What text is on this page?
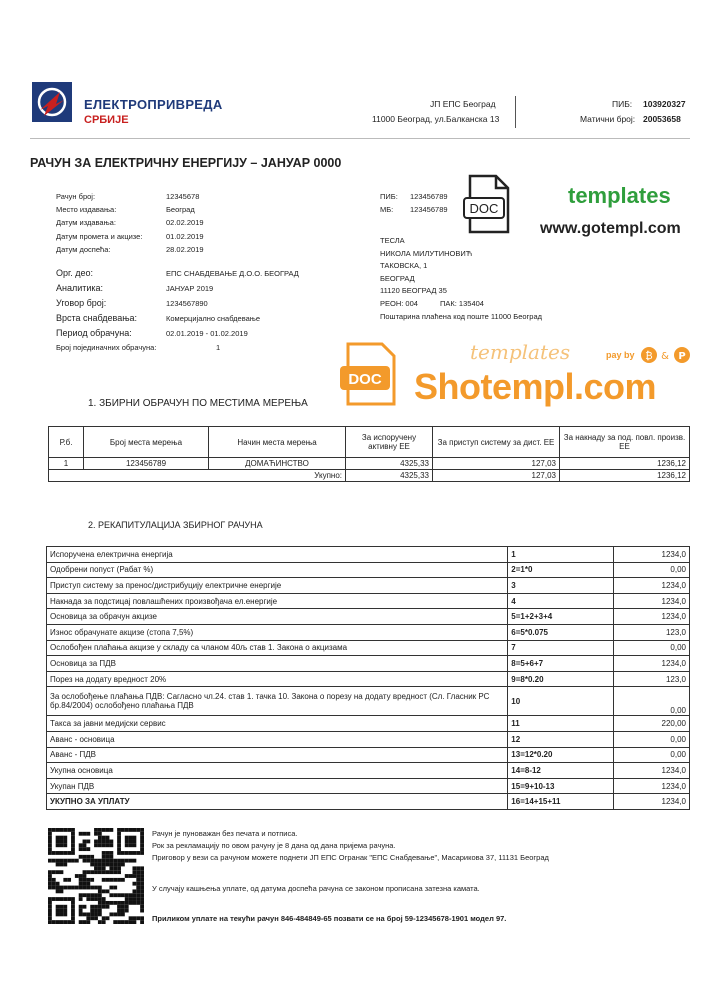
ЕЛЕКТРОПРИВРЕДА
СРБИЈЕ
ЈП ЕПС Београд
11000 Београд, ул.Балканска 13
ПИБ: 103920327
Матични број: 20053658
РАЧУН ЗА ЕЛЕКТРИЧНУ ЕНЕРГИЈУ – ЈАНУАР 0000
Рачун број:	12345678
Место издавања:	Београд
Датум издавања:	02.02.2019
Датум промета и акцизе:	01.02.2019
Датум доспећа:	28.02.2019
Орг. део:	ЕПС СНАБДЕВАЊЕ Д.О.О. БЕОГРАД
Аналитика:	ЈАНУАР 2019
Уговор број:	1234567890
Врста снабдевања:	Комерцијално снабдевање
Период обрачуна:	02.01.2019 - 01.02.2019
Број појединачних обрачуна:	1
ПИБ: 123456789
МБ: 123456789
ТЕСЛА
НИКОЛА МИЛУТИНОВИЋ
ТАКОВСКА, 1
БЕОГРАД
11120 БЕОГРАД 35
РЕОН: 004	ПАК: 135404
Поштарина плаћена код поште 11000 Београд
DOC
templates
www.gotempl.com
DOC
templates	pay by ₿ & P
Shotempl.com
1. ЗБИРНИ ОБРАЧУН ПО МЕСТИМА МЕРЕЊА
Р.б.	Број места мерења	Начин места мерења	За испоручену активну ЕЕ	За приступ систему за дист. ЕЕ	За накнаду за под. повл. произв. ЕЕ
1	123456789	ДОМАЋИНСТВО	4325,33	127,03	1236,12
Укупно:			4325,33	127,03	1236,12
2. РЕКАПИТУЛАЦИЈА ЗБИРНОГ РАЧУНА
Испоручена електрична енергија	1	1234,0
Одобрени попуст (Рабат %)	2=1*0	0,00
Приступ систему за пренос/дистрибуцију електричне енергије	3	1234,0
Накнада за подстицај повлашћених произвођача ел.енергије	4	1234,0
Основица за обрачун акцизе	5=1+2+3+4	1234,0
Износ обрачунате акцизе (стопа 7,5%)	6=5*0.075	123,0
Ослобођен плаћања акцизе у складу са чланом 40љ став 1. Закона о акцизама	7	0,00
Основица за ПДВ	8=5+6+7	1234,0
Порез на додату вредност 20%	9=8*0.20	123,0
За ослобођење плаћања ПДВ: Сагласно чл.24. став 1. тачка 10. Закона о порезу на додату вредност (Сл. Гласник РС бр.84/2004) ослобођено плаћања ПДВ	10	0,00
Такса за јавни медијски сервис	11	220,00
Аванс - основица	12	0,00
Аванс - ПДВ	13=12*0.20	0,00
Укупна основица	14=8-12	1234,0
Укупан ПДВ	15=9+10-13	1234,0
УКУПНО ЗА УПЛАТУ	16=14+15+11	1234,0
Рачун је пуноважан без печата и потписа.
Рок за рекламацију по овом рачуну је 8 дана од дана пријема рачуна.
Приговор у вези са рачуном можете поднети ЈП ЕПС Огранак "ЕПС Снабдевање", Масарикова 37, 11131 Београд
У случају кашњења уплате, од датума доспећа рачуна се законом прописана затезна камата.
Приликом уплате на текући рачун 846-484849-65 позвати се на број 59-12345678-1901 модел 97.
